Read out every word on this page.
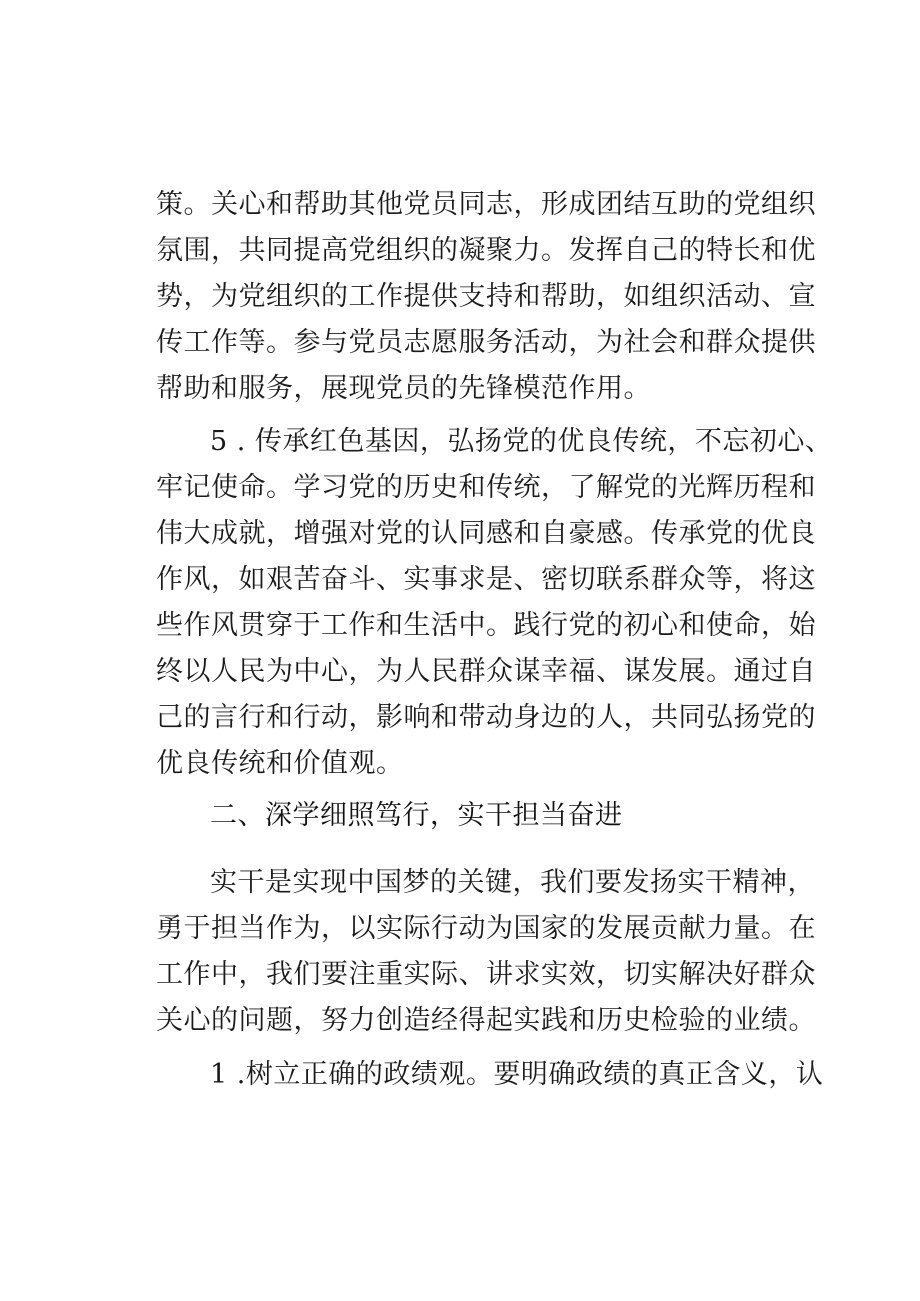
策。关心和帮助其他党员同志，形成团结互助的党组织
氛围，共同提高党组织的凝聚力。发挥自己的特长和优
势，为党组织的工作提供支持和帮助，如组织活动、宣
传工作等。参与党员志愿服务活动，为社会和群众提供
帮助和服务，展现党员的先锋模范作用。
5 . 传承红色基因，弘扬党的优良传统，不忘初心、
牢记使命。学习党的历史和传统，了解党的光辉历程和
伟大成就，增强对党的认同感和自豪感。传承党的优良
作风，如艰苦奋斗、实事求是、密切联系群众等，将这
些作风贯穿于工作和生活中。践行党的初心和使命，始
终以人民为中心，为人民群众谋幸福、谋发展。通过自
己的言行和行动，影响和带动身边的人，共同弘扬党的
优良传统和价值观。
二、深学细照笃行，实干担当奋进
实干是实现中国梦的关键，我们要发扬实干精神，
勇于担当作为，以实际行动为国家的发展贡献力量。在
工作中，我们要注重实际、讲求实效，切实解决好群众
关心的问题，努力创造经得起实践和历史检验的业绩。
1 .树立正确的政绩观。要明确政绩的真正含义，认
